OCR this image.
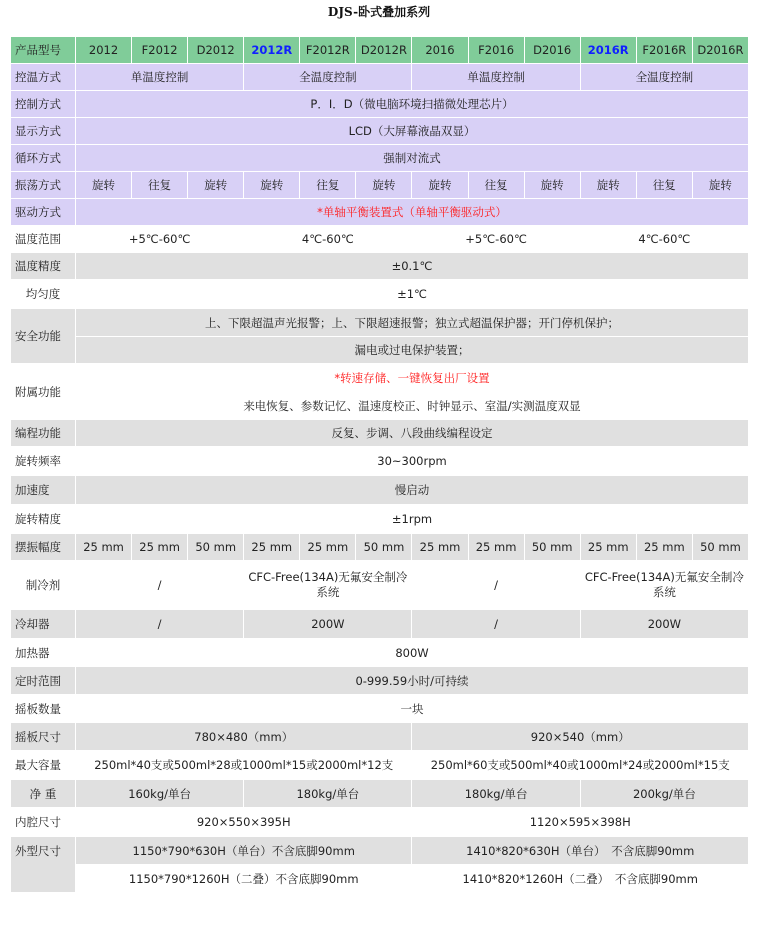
DJS-卧式叠加系列
产品型号	2012	F2012	D2012	2012R	F2012R	D2012R	2016	F2016	D2016	2016R	F2016R	D2016R
控温方式	单温度控制			全温度控制			单温度控制			全温度控制		
控制方式	P．I．D（微电脑环境扫描微处理芯片）											
显示方式	LCD（大屏幕液晶双显）											
循环方式	强制对流式											
振荡方式	旋转	往复	旋转	旋转	往复	旋转	旋转	往复	旋转	旋转	往复	旋转
驱动方式	*单轴平衡装置式（单轴平衡驱动式）											
温度范围	+5℃-60℃			4℃-60℃			+5℃-60℃			4℃-60℃		
温度精度	±0.1℃											
均匀度	±1℃											
安全功能	上、下限超温声光报警；上、下限超速报警；独立式超温保护器；开门停机保护；											
	漏电或过电保护装置；											
附属功能	*转速存储、一键恢复出厂设置											
	来电恢复、参数记忆、温速度校正、时钟显示、室温/实测温度双显											
编程功能	反复、步调、八段曲线编程设定											
旋转频率	30~300rpm											
加速度	慢启动											
旋转精度	±1rpm											
摆振幅度	25 mm	25 mm	50 mm	25 mm	25 mm	50 mm	25 mm	25 mm	50 mm	25 mm	25 mm	50 mm
制冷剂	/			CFC-Free(134A)无氟安全制冷系统			/			CFC-Free(134A)无氟安全制冷系统		
冷却器	/			200W			/			200W		
加热器	800W											
定时范围	0-999.59小时/可持续											
摇板数量	一块											
摇板尺寸	780×480（mm）						920×540（mm）					
最大容量	250ml*40支或500ml*28或1000ml*15或2000ml*12支						250ml*60支或500ml*40或1000ml*24或2000ml*15支					
净 重	160kg/单台			180kg/单台			180kg/单台			200kg/单台		
内腔尺寸	920×550×395H						1120×595×398H					
外型尺寸	1150*790*630H（单台）不含底脚90mm						1410*820*630H（单台）　不含底脚90mm					
	1150*790*1260H（二叠）不含底脚90mm						1410*820*1260H（二叠）　不含底脚90mm					
